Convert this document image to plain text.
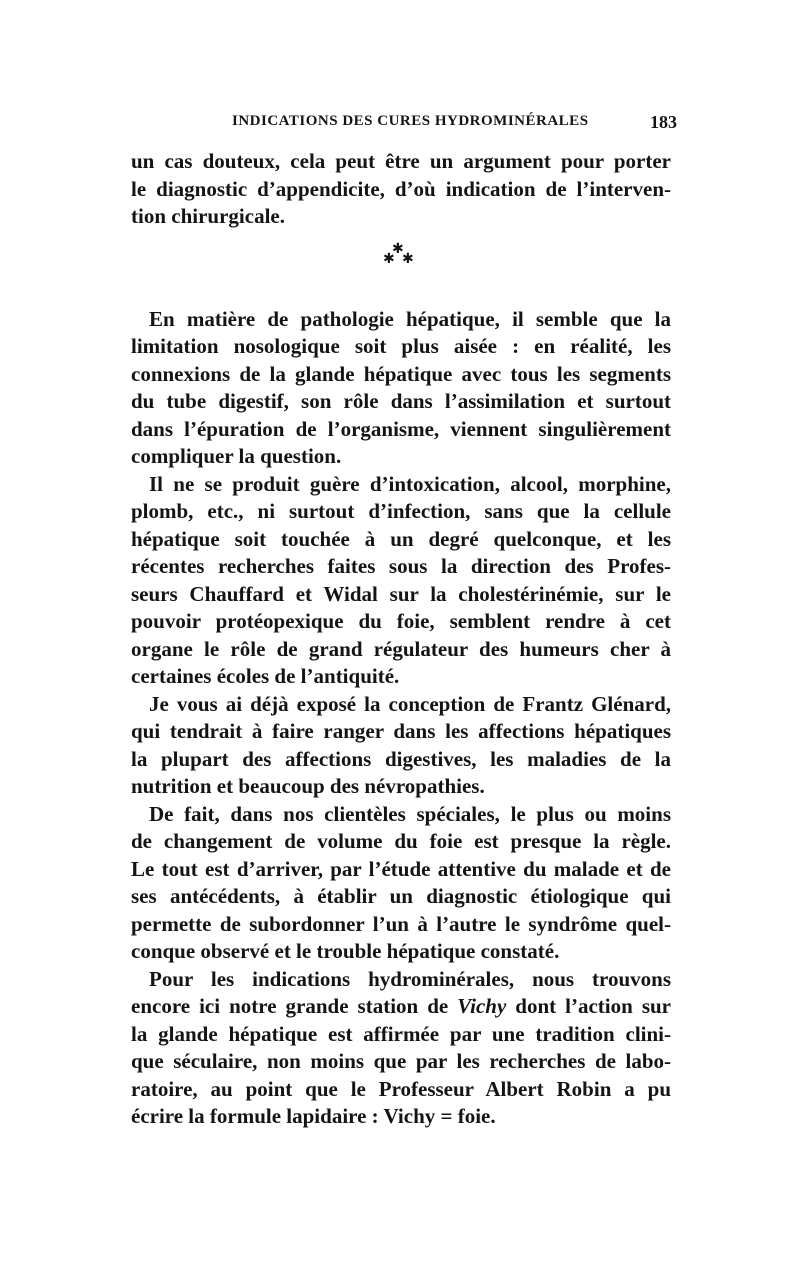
INDICATIONS DES CURES HYDROMINÉRALES	183
✱
✱ ✱
un cas douteux, cela peut être un argument pour porter
le diagnostic d’appendicite, d’où indication de l’interven-
tion chirurgicale.
En matière de pathologie hépatique, il semble que la
limitation nosologique soit plus aisée : en réalité, les
connexions de la glande hépatique avec tous les segments
du tube digestif, son rôle dans l’assimilation et surtout
dans l’épuration de l’organisme, viennent singulièrement
compliquer la question.
Il ne se produit guère d’intoxication, alcool, morphine,
plomb, etc., ni surtout d’infection, sans que la cellule
hépatique soit touchée à un degré quelconque, et les
récentes recherches faites sous la direction des Profes-
seurs Chauffard et Widal sur la cholestérinémie, sur le
pouvoir protéopexique du foie, semblent rendre à cet
organe le rôle de grand régulateur des humeurs cher à
certaines écoles de l’antiquité.
Je vous ai déjà exposé la conception de Frantz Glénard,
qui tendrait à faire ranger dans les affections hépatiques
la plupart des affections digestives, les maladies de la
nutrition et beaucoup des névropathies.
De fait, dans nos clientèles spéciales, le plus ou moins
de changement de volume du foie est presque la règle.
Le tout est d’arriver, par l’étude attentive du malade et de
ses antécédents, à établir un diagnostic étiologique qui
permette de subordonner l’un à l’autre le syndrôme quel-
conque observé et le trouble hépatique constaté.
Pour les indications hydrominérales, nous trouvons
encore ici notre grande station de Vichy dont l’action sur
la glande hépatique est affirmée par une tradition clini-
que séculaire, non moins que par les recherches de labo-
ratoire, au point que le Professeur Albert Robin a pu
écrire la formule lapidaire : Vichy = foie.
